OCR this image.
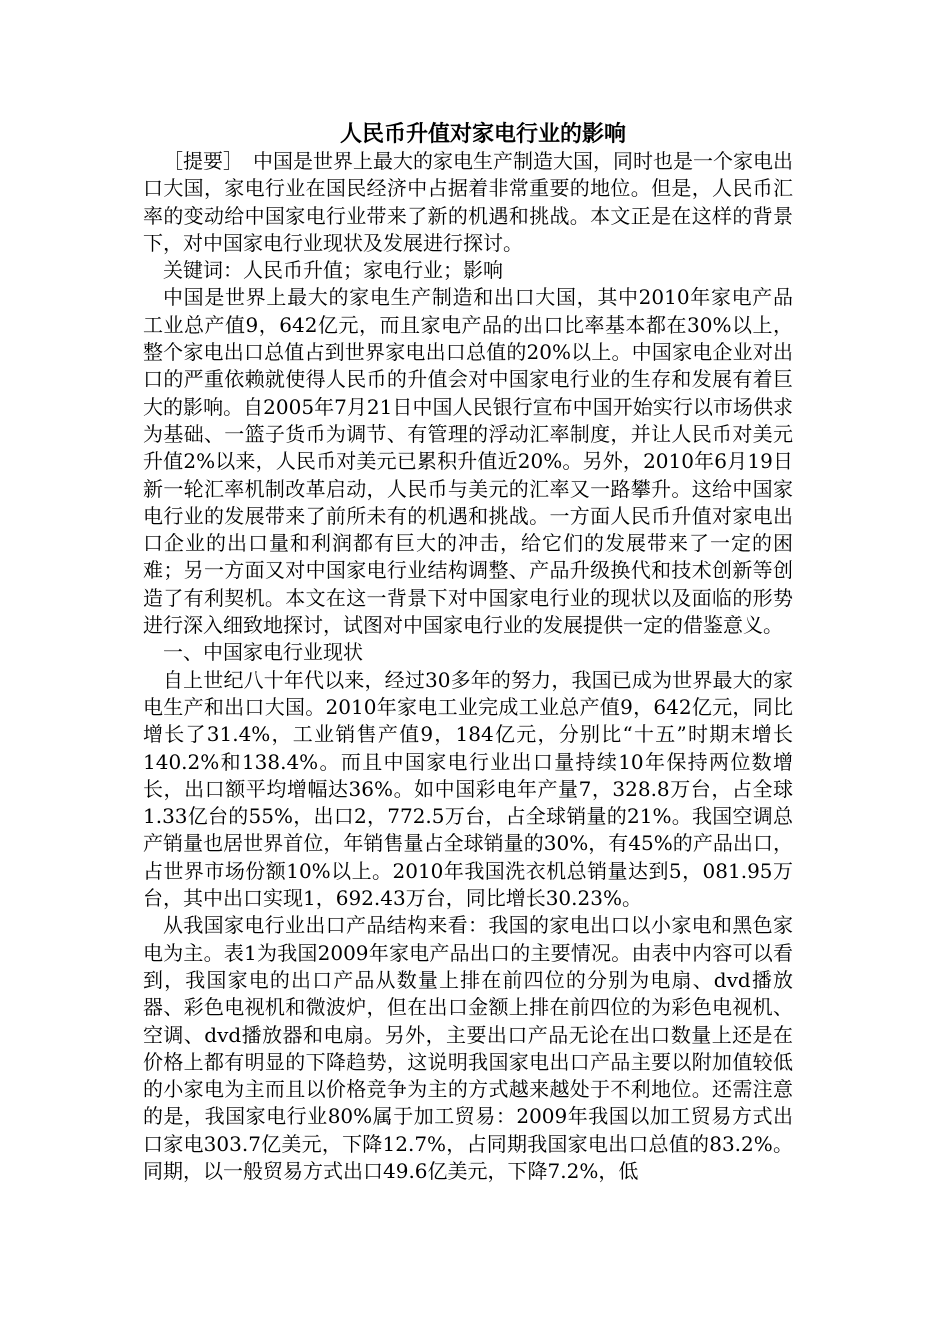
人民币升值对家电行业的影响

［提要］　中国是世界上最大的家电生产制造大国，同时也是一个家电出口大国，家电行业在国民经济中占据着非常重要的地位。但是，人民币汇率的变动给中国家电行业带来了新的机遇和挑战。本文正是在这样的背景下，对中国家电行业现状及发展进行探讨。

关键词：人民币升值；家电行业；影响

中国是世界上最大的家电生产制造和出口大国，其中2010年家电产品工业总产值9，642亿元，而且家电产品的出口比率基本都在30%以上，整个家电出口总值占到世界家电出口总值的20%以上。中国家电企业对出口的严重依赖就使得人民币的升值会对中国家电行业的生存和发展有着巨大的影响。自2005年7月21日中国人民银行宣布中国开始实行以市场供求为基础、一篮子货币为调节、有管理的浮动汇率制度，并让人民币对美元升值2%以来，人民币对美元已累积升值近20%。另外，2010年6月19日新一轮汇率机制改革启动，人民币与美元的汇率又一路攀升。这给中国家电行业的发展带来了前所未有的机遇和挑战。一方面人民币升值对家电出口企业的出口量和利润都有巨大的冲击，给它们的发展带来了一定的困难；另一方面又对中国家电行业结构调整、产品升级换代和技术创新等创造了有利契机。本文在这一背景下对中国家电行业的现状以及面临的形势进行深入细致地探讨，试图对中国家电行业的发展提供一定的借鉴意义。

一、中国家电行业现状

自上世纪八十年代以来，经过30多年的努力，我国已成为世界最大的家电生产和出口大国。2010年家电工业完成工业总产值9，642亿元，同比增长了31.4%，工业销售产值9，184亿元，分别比“十五”时期末增长140.2%和138.4%。而且中国家电行业出口量持续10年保持两位数增长，出口额平均增幅达36%。如中国彩电年产量7，328.8万台，占全球1.33亿台的55%，出口2，772.5万台，占全球销量的21%。我国空调总产销量也居世界首位，年销售量占全球销量的30%，有45%的产品出口，占世界市场份额10%以上。2010年我国洗衣机总销量达到5，081.95万台，其中出口实现1，692.43万台，同比增长30.23%。

从我国家电行业出口产品结构来看：我国的家电出口以小家电和黑色家电为主。表1为我国2009年家电产品出口的主要情况。由表中内容可以看到，我国家电的出口产品从数量上排在前四位的分别为电扇、dvd播放器、彩色电视机和微波炉，但在出口金额上排在前四位的为彩色电视机、空调、dvd播放器和电扇。另外，主要出口产品无论在出口数量上还是在价格上都有明显的下降趋势，这说明我国家电出口产品主要以附加值较低的小家电为主而且以价格竞争为主的方式越来越处于不利地位。还需注意的是，我国家电行业80%属于加工贸易：2009年我国以加工贸易方式出口家电303.7亿美元，下降12.7%，占同期我国家电出口总值的83.2%。同期，以一般贸易方式出口49.6亿美元，下降7.2%，低
